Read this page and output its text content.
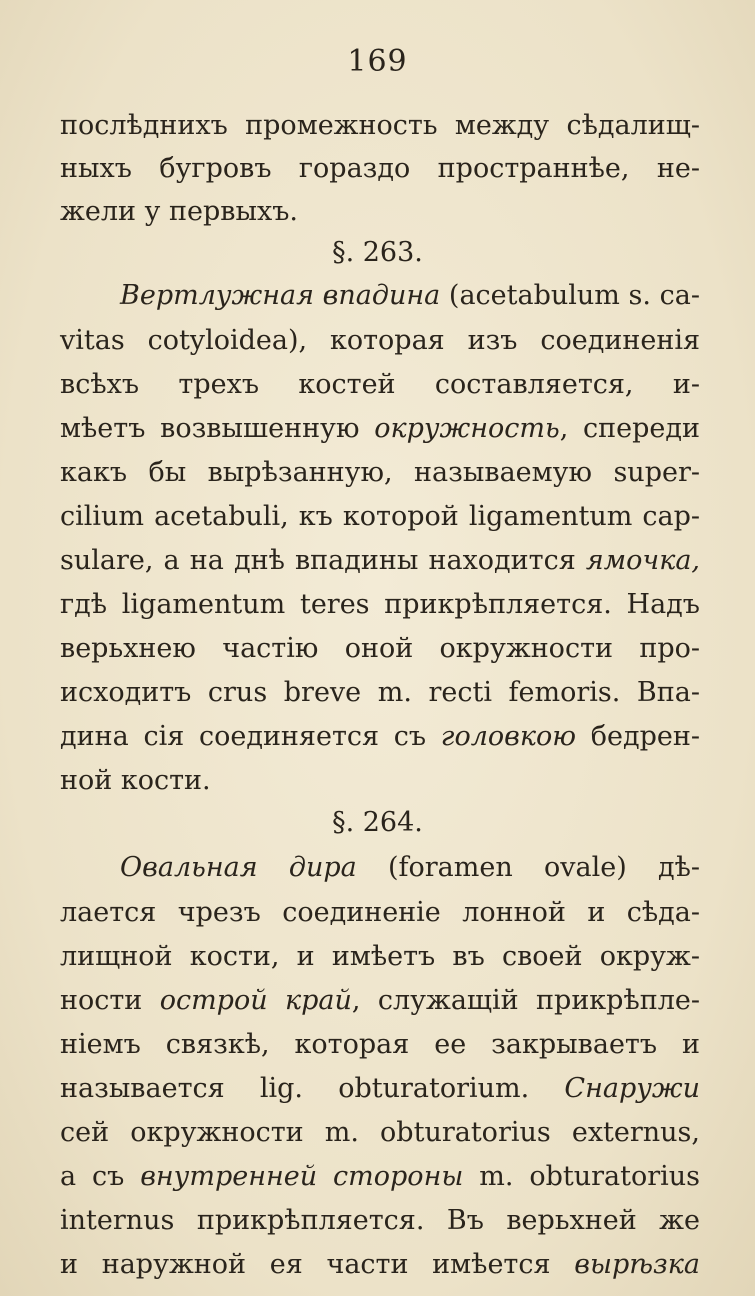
169
послѣднихъ промежность между сѣдалищ-
ныхъ бугровъ гораздо пространнѣе, не-
жели у первыхъ.
§. 263.
Вертлужная впадина (acetabulum s. ca-
vitas cotyloidea), которая изъ соединенія
всѣхъ трехъ костей составляется, и-
мѣетъ возвышенную окружность, спереди
какъ бы вырѣзанную, называемую super-
cilium acetabuli, къ которой ligamentum cap-
sulare, а на днѣ впадины находится ямочка,
гдѣ ligamentum teres прикрѣпляется. Надъ
верьхнею частію оной окружности про-
исходитъ crus breve m. recti femoris. Впа-
дина сія соединяется съ головкою бедрен-
ной кости.
§. 264.
Овальная дира (foramen ovale) дѣ-
лается чрезъ соединеніе лонной и сѣда-
лищной кости, и имѣетъ въ своей окруж-
ности острой край, служащій прикрѣпле-
ніемъ связкѣ, которая ее закрываетъ и
называется lig. obturatorium. Снаружи
сей окружности m. obturatorius externus,
а съ внутренней стороны m. obturatorius
internus прикрѣпляется. Въ верьхней же
и наружной ея части имѣется вырѣзка
